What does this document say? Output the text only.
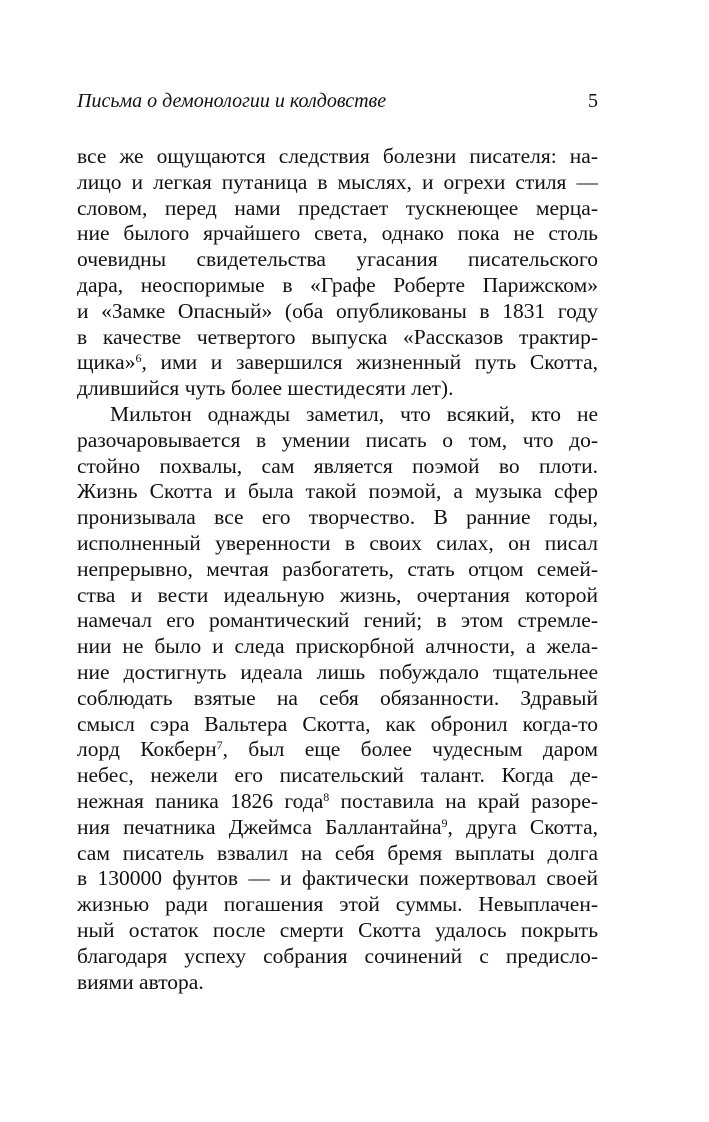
Письма о демонологии и колдовстве	5
все же ощущаются следствия болезни писателя: на-
лицо и легкая путаница в мыслях, и огрехи стиля —
словом, перед нами предстает тускнеющее мерца-
ние былого ярчайшего света, однако пока не столь
очевидны свидетельства угасания писательского
дара, неоспоримые в «Графе Роберте Парижском»
и «Замке Опасный» (оба опубликованы в 1831 году
в качестве четвертого выпуска «Рассказов трактир-
щика»$^6$, ими и завершился жизненный путь Скотта,
длившийся чуть более шестидесяти лет).
Мильтон однажды заметил, что всякий, кто не
разочаровывается в умении писать о том, что до-
стойно похвалы, сам является поэмой во плоти.
Жизнь Скотта и была такой поэмой, а музыка сфер
пронизывала все его творчество. В ранние годы,
исполненный уверенности в своих силах, он писал
непрерывно, мечтая разбогатеть, стать отцом семей-
ства и вести идеальную жизнь, очертания которой
намечал его романтический гений; в этом стремле-
нии не было и следа прискорбной алчности, а жела-
ние достигнуть идеала лишь побуждало тщательнее
соблюдать взятые на себя обязанности. Здравый
смысл сэра Вальтера Скотта, как обронил когда-то
лорд Кокберн$^7$, был еще более чудесным даром
небес, нежели его писательский талант. Когда де-
нежная паника 1826 года$^8$ поставила на край разоре-
ния печатника Джеймса Баллантайна$^9$, друга Скотта,
сам писатель взвалил на себя бремя выплаты долга
в 130000 фунтов — и фактически пожертвовал своей
жизнью ради погашения этой суммы. Невыплачен-
ный остаток после смерти Скотта удалось покрыть
благодаря успеху собрания сочинений с предисло-
виями автора.
